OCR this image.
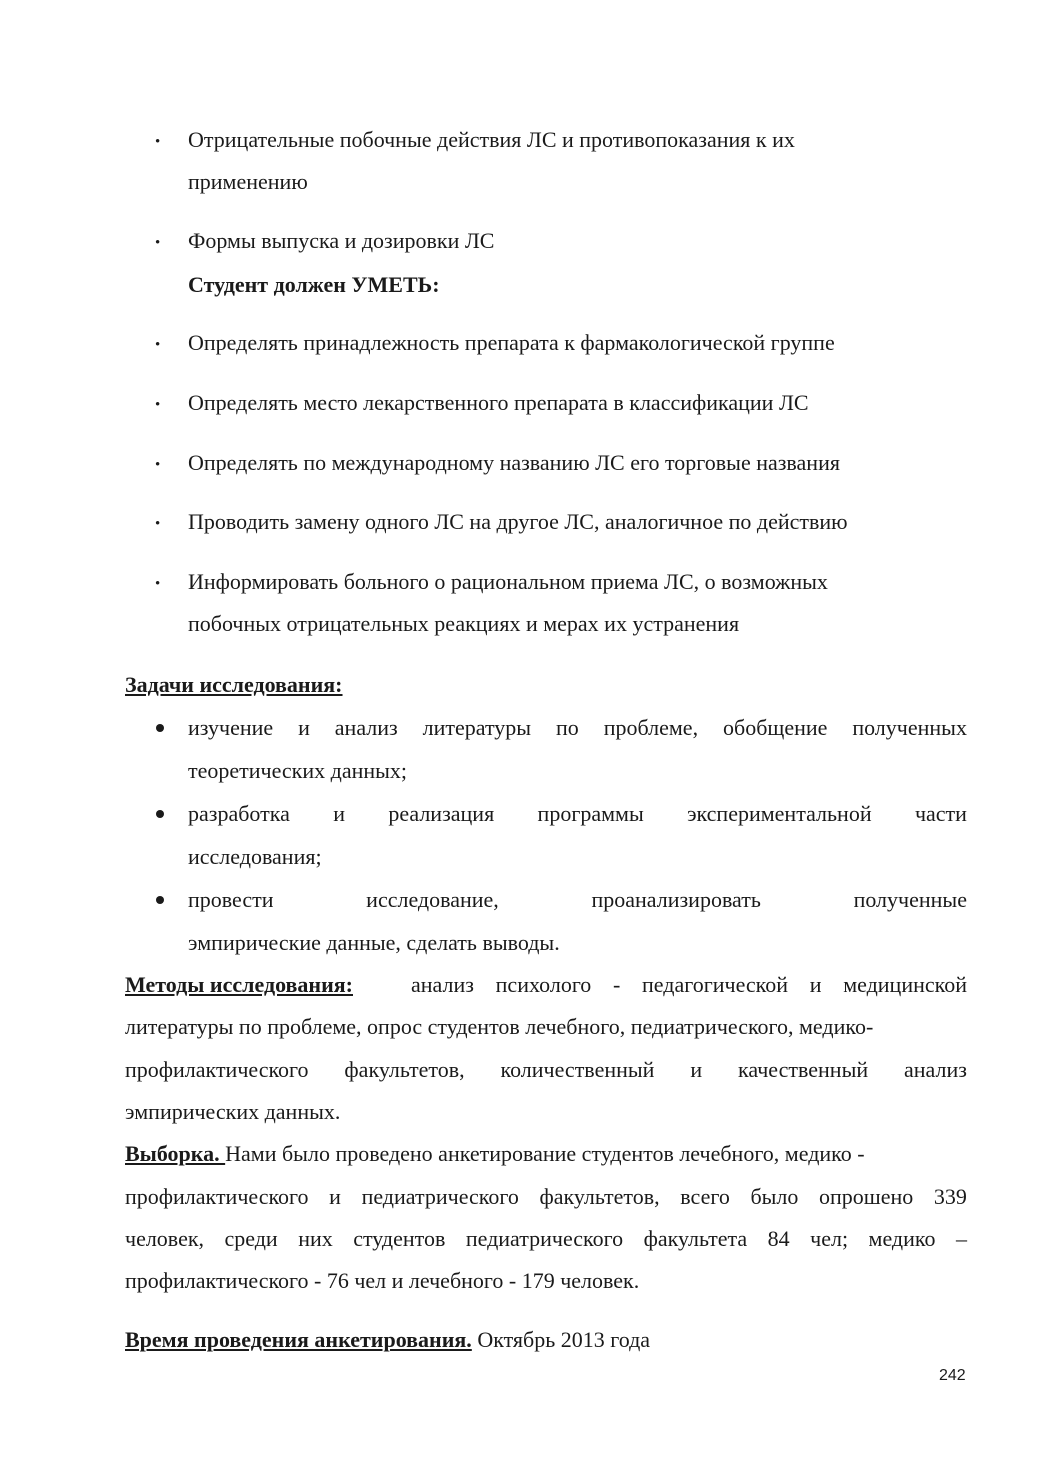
• Отрицательные побочные действия ЛС и противопоказания к их
применению
• Формы выпуска и дозировки ЛС
Студент должен УМЕТЬ:
• Определять принадлежность препарата к фармакологической группе
• Определять место лекарственного препарата в классификации ЛС
• Определять по международному названию ЛС его торговые названия
• Проводить замену одного ЛС на другое ЛС, аналогичное по действию
• Информировать больного о рациональном приема ЛС, о возможных
побочных отрицательных реакциях и мерах их устранения
Задачи исследования:
изучение и анализ литературы по проблеме, обобщение полученных
теоретических данных;
разработка и реализация программы экспериментальной части
исследования;
провести	исследование,	проанализировать	полученные
эмпирические данные, сделать выводы.
Методы исследования:	анализ психолого - педагогической и медицинской
литературы по проблеме, опрос студентов лечебного, педиатрического, медико-
профилактического факультетов, количественный и качественный анализ
эмпирических данных.
Выборка. Нами было проведено анкетирование студентов лечебного, медико -
профилактического и педиатрического факультетов, всего было опрошено 339
человек, среди них студентов педиатрического факультета 84 чел; медико –
профилактического - 76 чел и лечебного - 179 человек.
Время проведения анкетирования. Октябрь 2013 года
242
